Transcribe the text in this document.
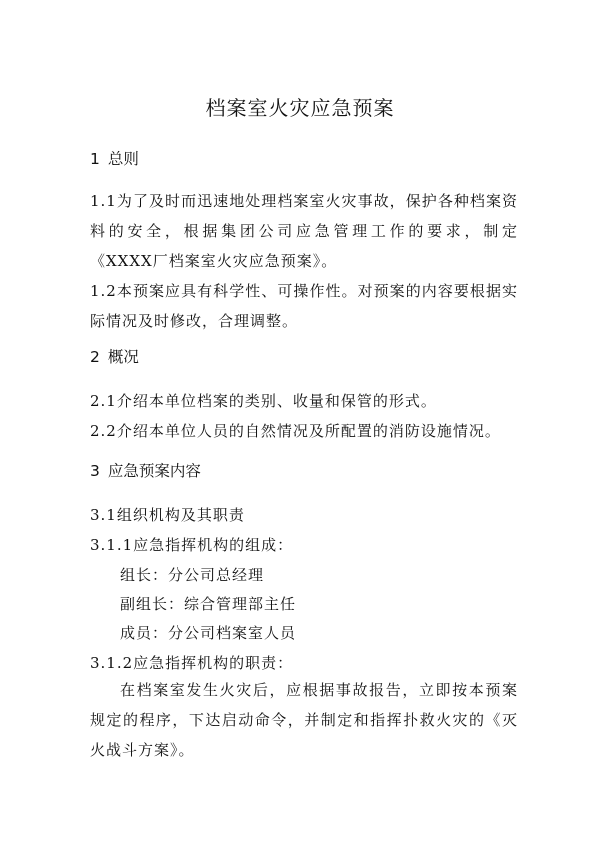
档案室火灾应急预案
1 总则
1.1为了及时而迅速地处理档案室火灾事故，保护各种档案资料的安全，根据集团公司应急管理工作的要求，制定《XXXX厂档案室火灾应急预案》。
1.2本预案应具有科学性、可操作性。对预案的内容要根据实际情况及时修改，合理调整。
2 概况
2.1介绍本单位档案的类别、收量和保管的形式。
2.2介绍本单位人员的自然情况及所配置的消防设施情况。
3 应急预案内容
3.1组织机构及其职责
3.1.1应急指挥机构的组成：
组长：分公司总经理
副组长：综合管理部主任
成员：分公司档案室人员
3.1.2应急指挥机构的职责：
在档案室发生火灾后，应根据事故报告，立即按本预案规定的程序，下达启动命令，并制定和指挥扑救火灾的《灭火战斗方案》。
